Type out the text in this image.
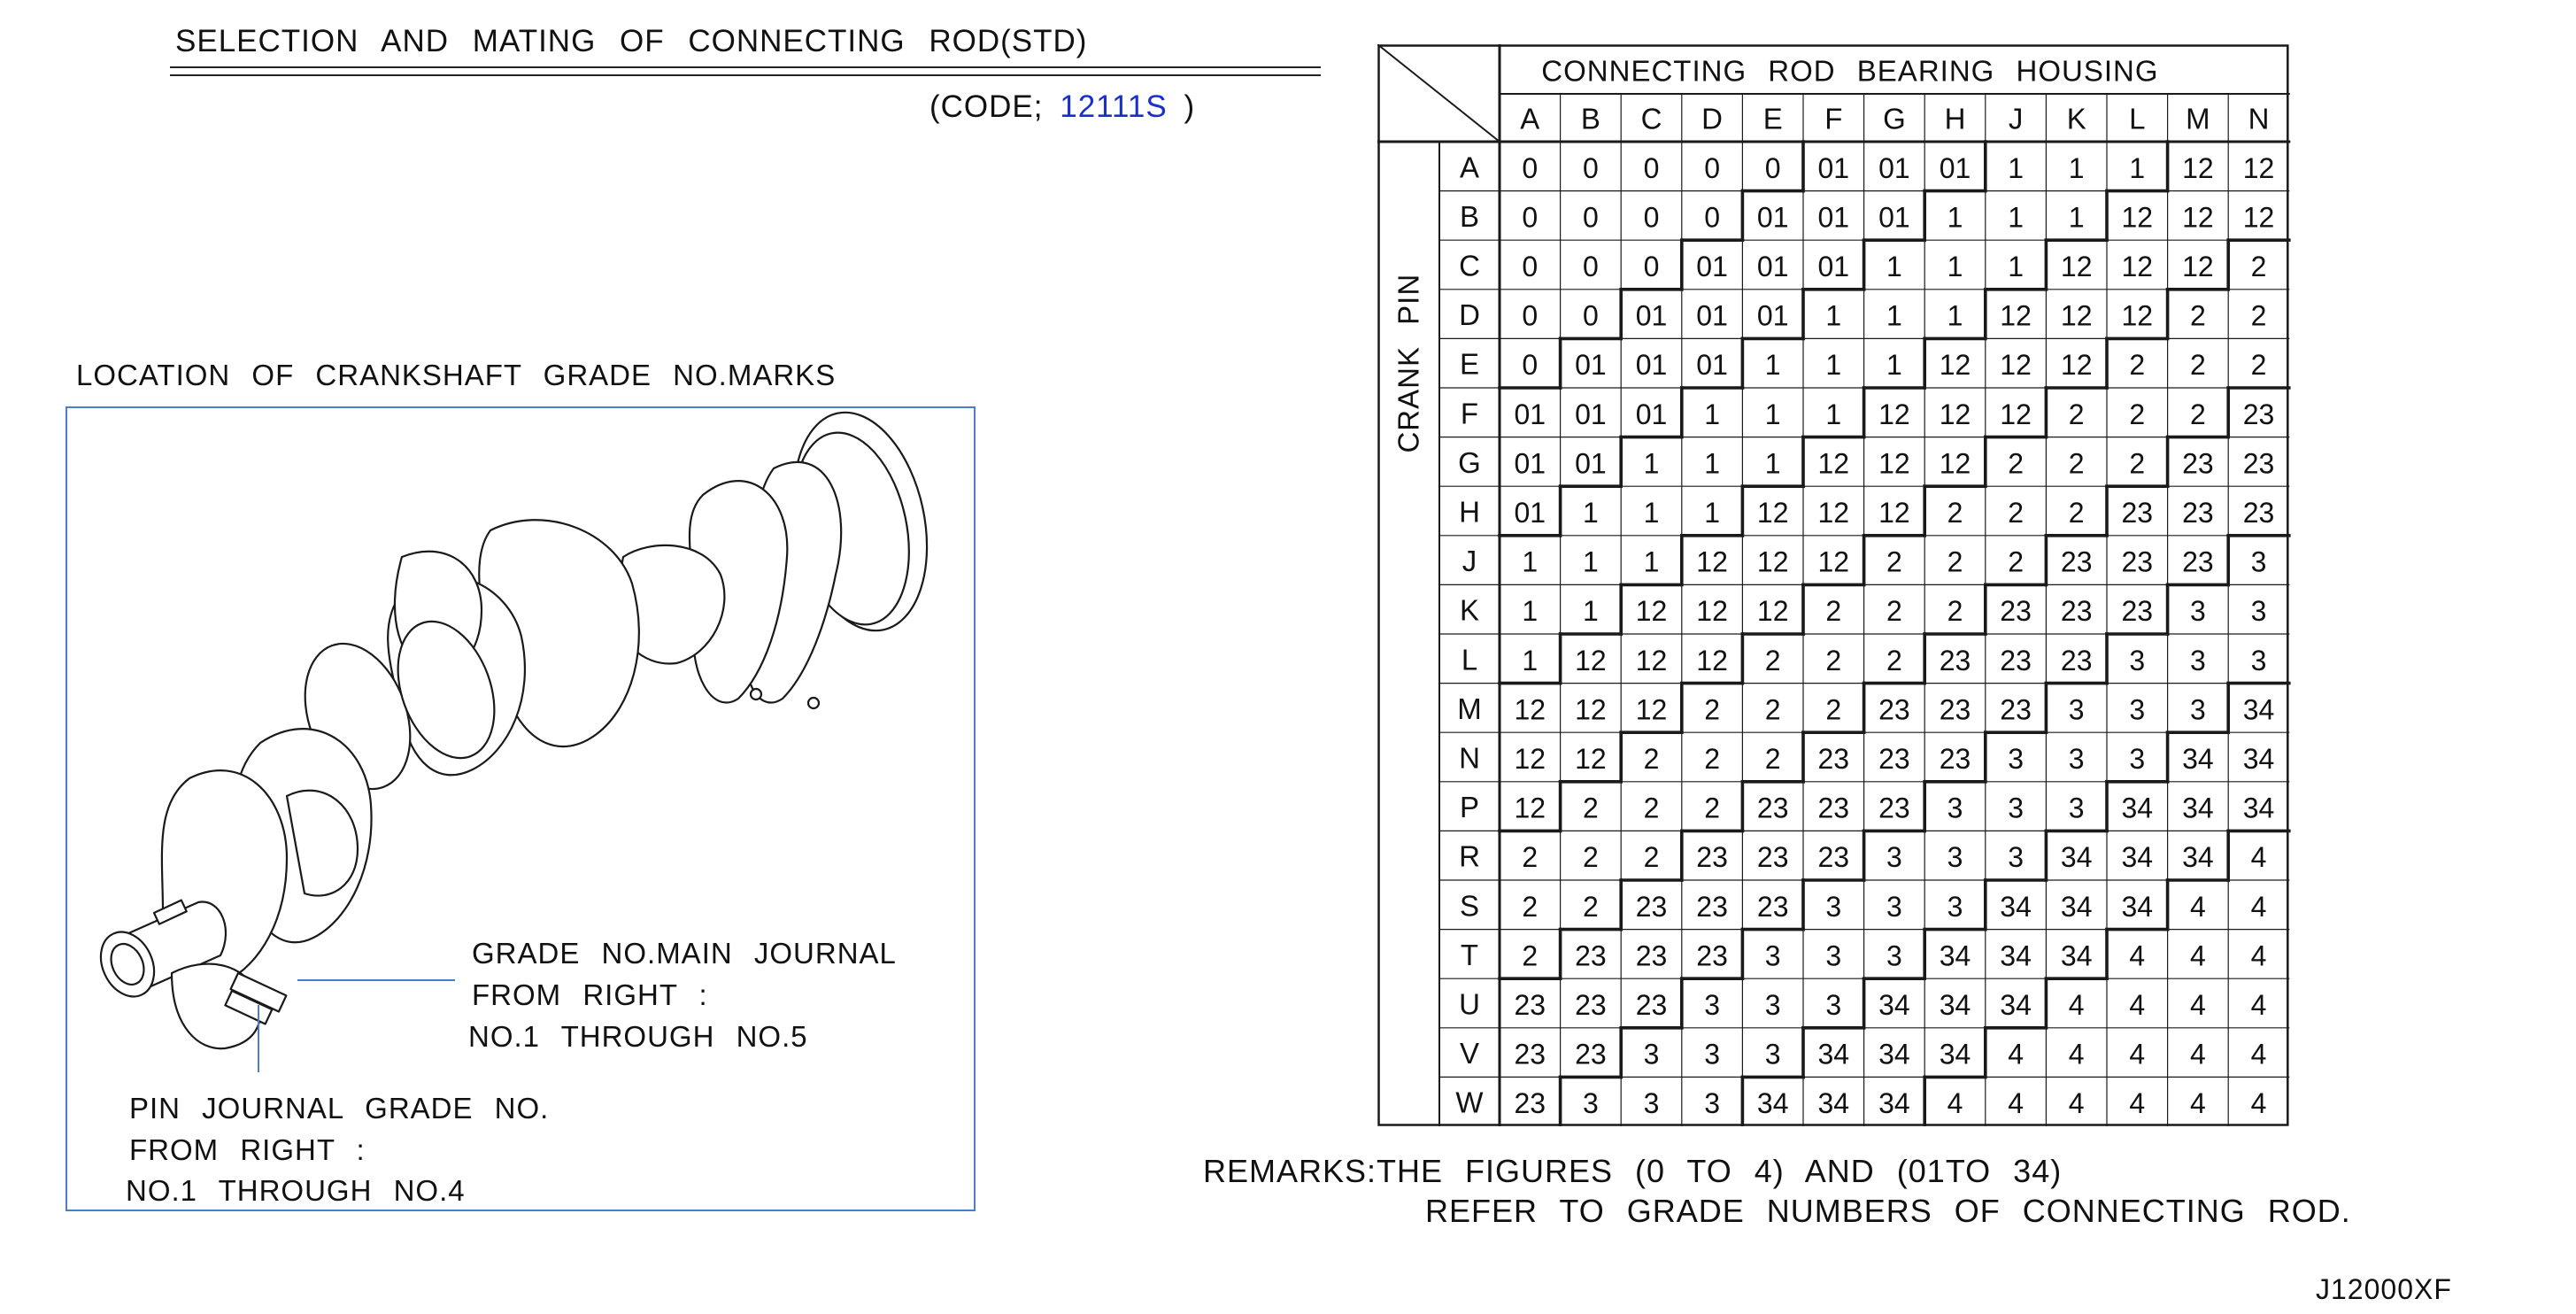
SELECTION AND MATING OF CONNECTING ROD(STD)
(CODE; 12111S )
LOCATION OF CRANKSHAFT GRADE NO.MARKS
GRADE NO.MAIN JOURNAL
FROM RIGHT :
NO.1 THROUGH NO.5
PIN JOURNAL GRADE NO.
FROM RIGHT :
NO.1 THROUGH NO.4
CONNECTING ROD BEARING HOUSING
CRANK PIN
A B C D E F G H J K L M N
A
B
C
D
E
F
G
H
J
K
L
M
N
P
R
S
T
U
V
W
0 0 0 0 0 01 01 01 1 1 1 12 12
0 0 0 0 01 01 01 1 1 1 12 12 12
0 0 0 01 01 01 1 1 1 12 12 12 2
0 0 01 01 01 1 1 1 12 12 12 2 2
0 01 01 01 1 1 1 12 12 12 2 2 2
01 01 01 1 1 1 12 12 12 2 2 2 23
01 01 1 1 1 12 12 12 2 2 2 23 23
01 1 1 1 12 12 12 2 2 2 23 23 23
1 1 1 12 12 12 2 2 2 23 23 23 3
1 1 12 12 12 2 2 2 23 23 23 3 3
1 12 12 12 2 2 2 23 23 23 3 3 3
12 12 12 2 2 2 23 23 23 3 3 3 34
12 12 2 2 2 23 23 23 3 3 3 34 34
12 2 2 2 23 23 23 3 3 3 34 34 34
2 2 2 23 23 23 3 3 3 34 34 34 4
2 2 23 23 23 3 3 3 34 34 34 4 4
2 23 23 23 3 3 3 34 34 34 4 4 4
23 23 23 3 3 3 34 34 34 4 4 4 4
23 23 3 3 3 34 34 34 4 4 4 4 4
23 3 3 3 34 34 34 4 4 4 4 4 4
REMARKS:THE FIGURES (0 TO 4) AND (01TO 34)
REFER TO GRADE NUMBERS OF CONNECTING ROD.
J12000XF
